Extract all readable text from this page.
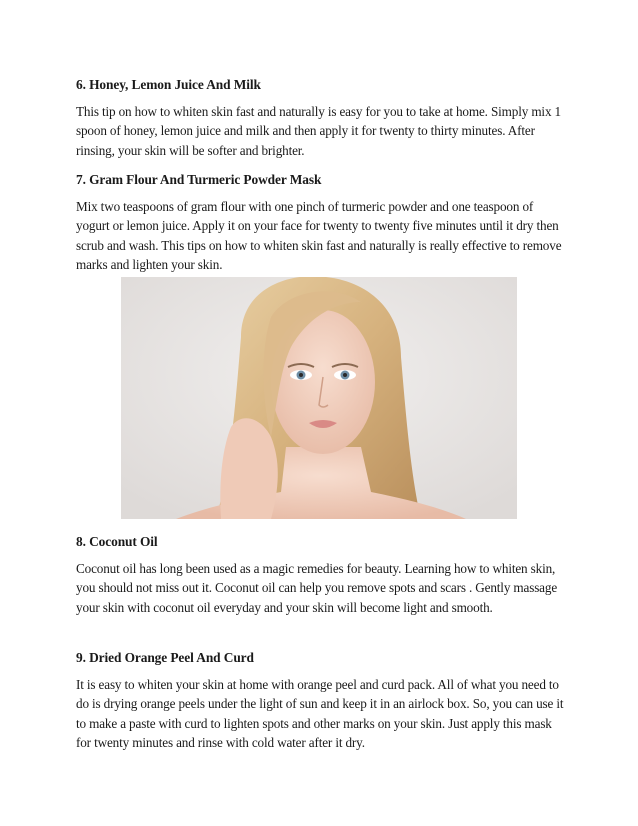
6. Honey, Lemon Juice And Milk

This tip on how to whiten skin fast and naturally is easy for you to take at home. Simply mix 1 spoon of honey, lemon juice and milk and then apply it for twenty to thirty minutes. After rinsing, your skin will be softer and brighter.

7. Gram Flour And Turmeric Powder Mask

Mix two teaspoons of gram flour with one pinch of turmeric powder and one teaspoon of yogurt or lemon juice. Apply it on your face for twenty to twenty five minutes until it dry then scrub and wash. This tips on how to whiten skin fast and naturally is really effective to remove marks and lighten your skin.

8. Coconut Oil

Coconut oil has long been used as a magic remedies for beauty. Learning how to whiten skin, you should not miss out it. Coconut oil can help you remove spots and scars . Gently massage your skin with coconut oil everyday and your skin will become light and smooth.

9. Dried Orange Peel And Curd

It is easy to whiten your skin at home with orange peel and curd pack. All of what you need to do is drying orange peels under the light of sun and keep it in an airlock box. So, you can use it to make a paste with curd to lighten spots and other marks on your skin. Just apply this mask for twenty minutes and rinse with cold water after it dry.
